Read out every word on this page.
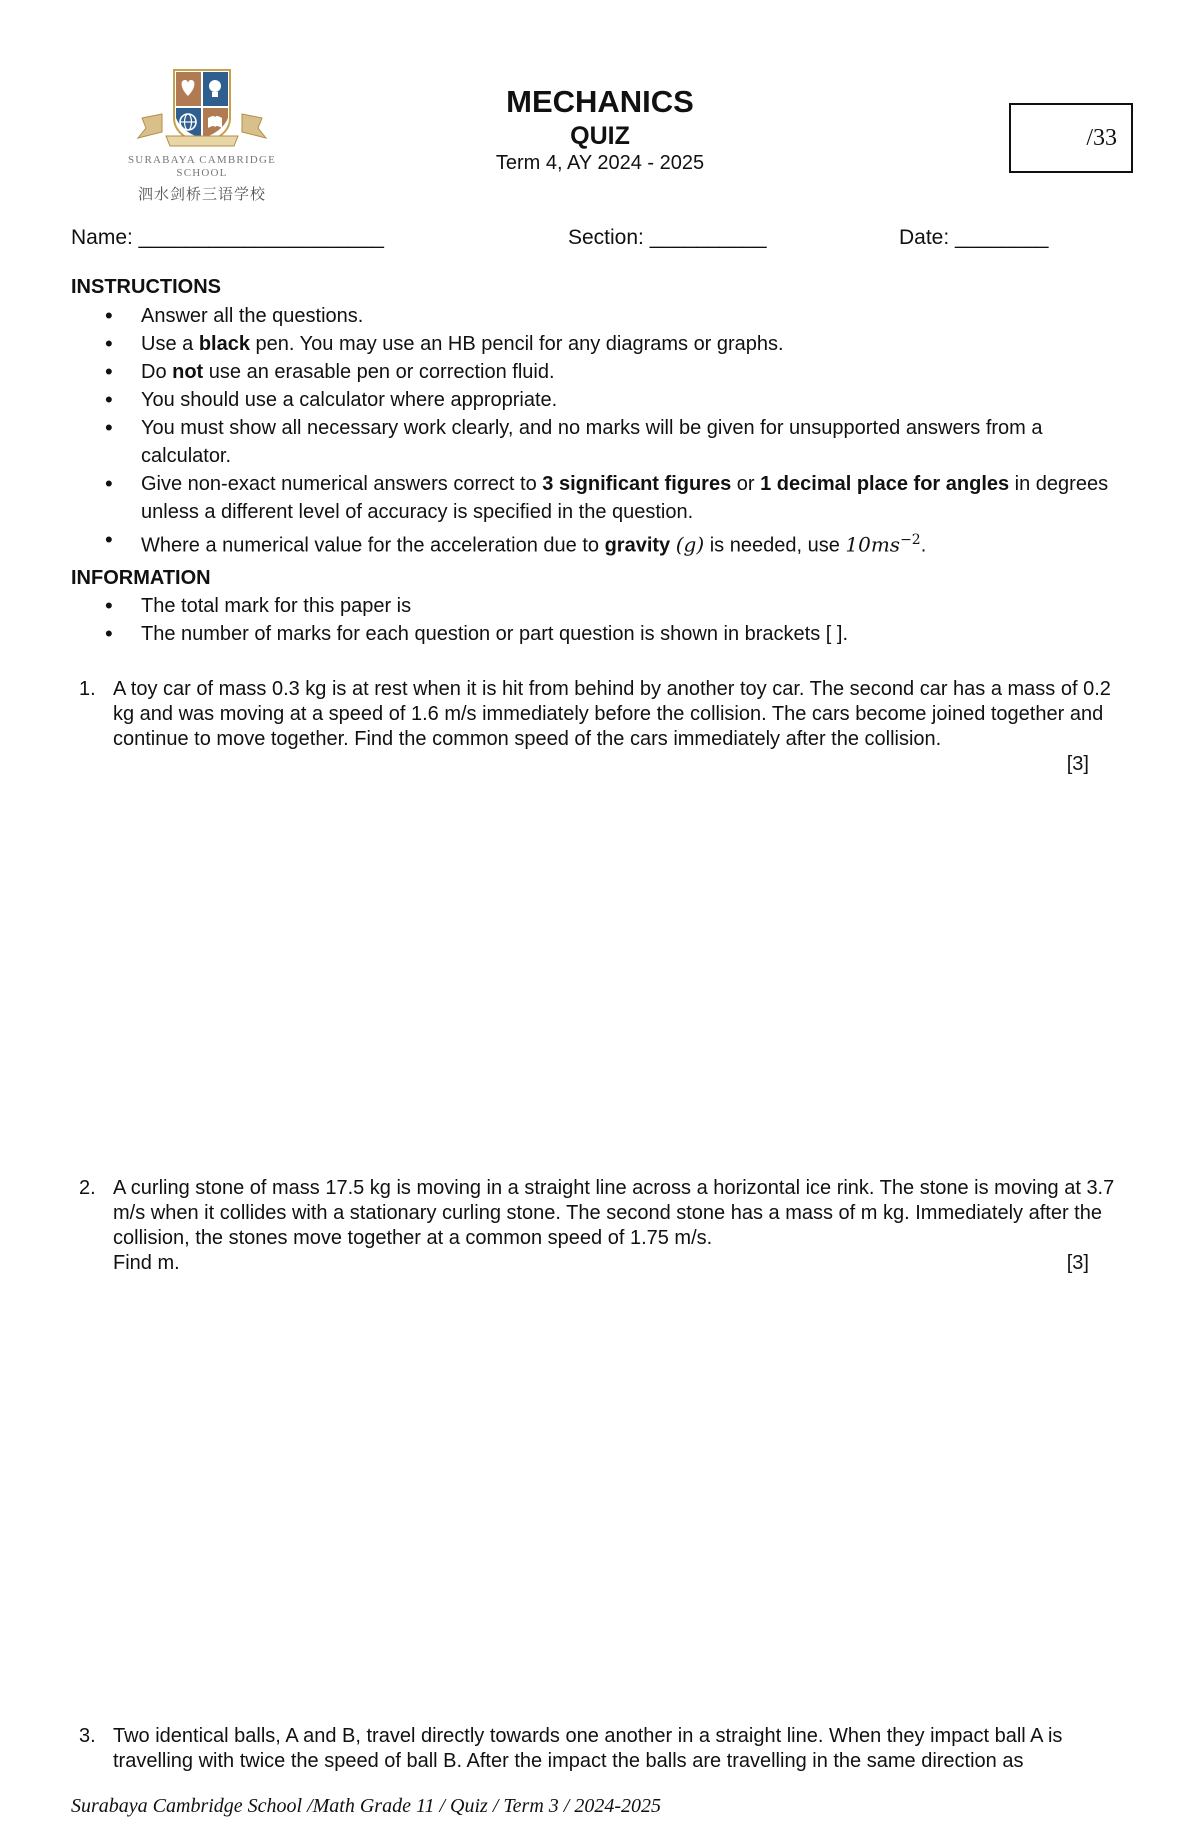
SURABAYA CAMBRIDGE
SCHOOL
泗水剑桥三语学校
MECHANICS
QUIZ
Term 4, AY 2024 - 2025
/33
Name: _____________________	Section: __________	Date: ________
INSTRUCTIONS
• Answer all the questions.
• Use a black pen. You may use an HB pencil for any diagrams or graphs.
• Do not use an erasable pen or correction fluid.
• You should use a calculator where appropriate.
• You must show all necessary work clearly, and no marks will be given for unsupported answers from a calculator.
• Give non-exact numerical answers correct to 3 significant figures or 1 decimal place for angles in degrees unless a different level of accuracy is specified in the question.
• Where a numerical value for the acceleration due to gravity (g) is needed, use $10ms^{-2}$.
INFORMATION
• The total mark for this paper is
• The number of marks for each question or part question is shown in brackets [ ].
1. A toy car of mass 0.3 kg is at rest when it is hit from behind by another toy car. The second car has a mass of 0.2 kg and was moving at a speed of 1.6 m/s immediately before the collision. The cars become joined together and continue to move together. Find the common speed of the cars immediately after the collision.
[3]
2. A curling stone of mass 17.5 kg is moving in a straight line across a horizontal ice rink. The stone is moving at 3.7 m/s when it collides with a stationary curling stone. The second stone has a mass of m kg. Immediately after the collision, the stones move together at a common speed of 1.75 m/s.
Find m.	[3]
3. Two identical balls, A and B, travel directly towards one another in a straight line. When they impact ball A is travelling with twice the speed of ball B. After the impact the balls are travelling in the same direction as
Surabaya Cambridge School /Math Grade 11 / Quiz / Term 3 / 2024-2025
